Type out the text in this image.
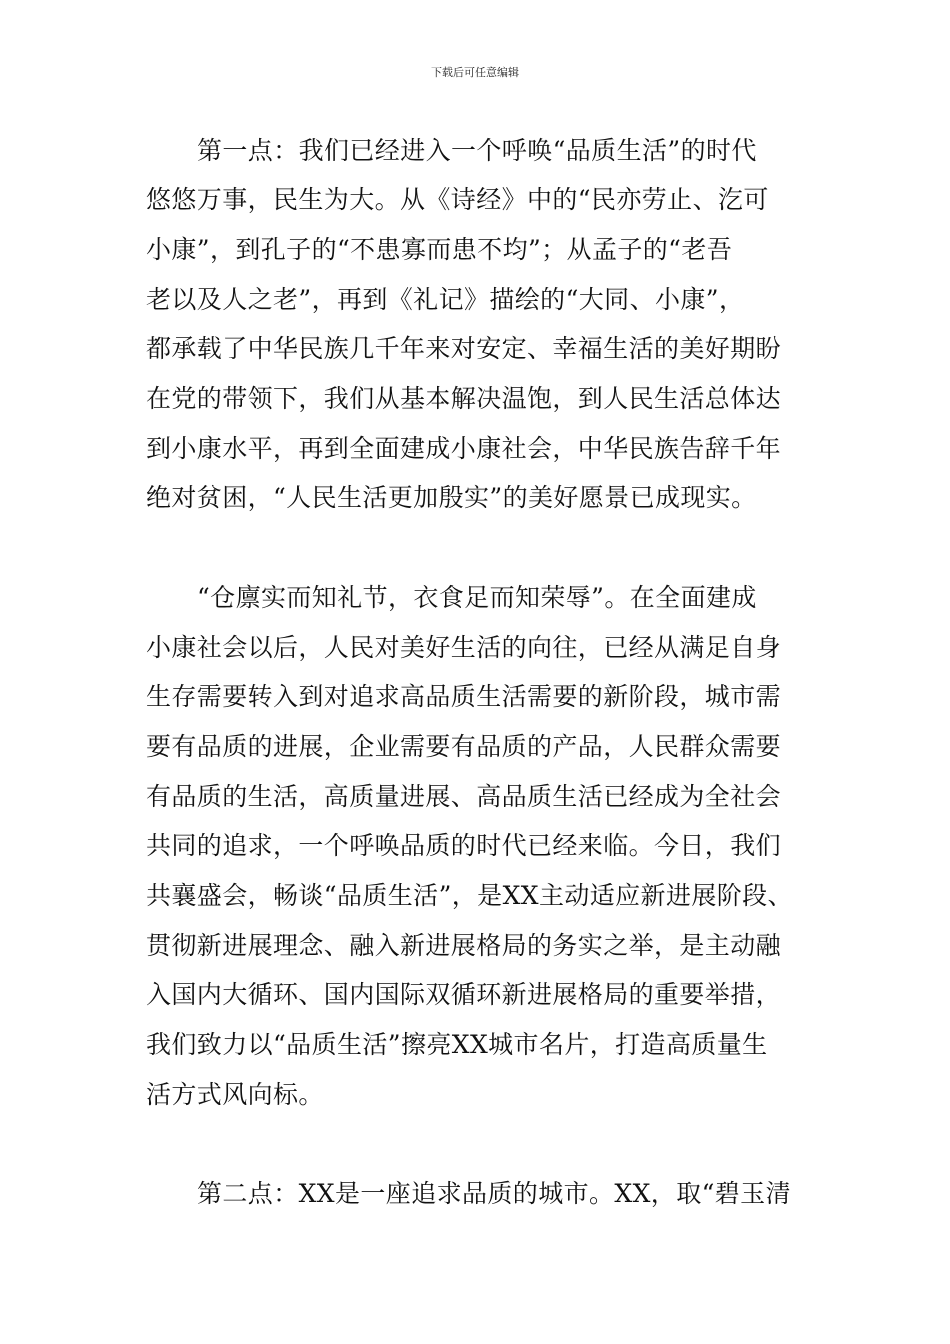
下载后可任意编辑
第一点：我们已经进入一个呼唤“品质生活”的时代
悠悠万事，民生为大。从《诗经》中的“民亦劳止、汔可
小康”，到孔子的“不患寡而患不均”；从孟子的“老吾
老以及人之老”，再到《礼记》描绘的“大同、小康”，
都承载了中华民族几千年来对安定、幸福生活的美好期盼
在党的带领下，我们从基本解决温饱，到人民生活总体达
到小康水平，再到全面建成小康社会，中华民族告辞千年
绝对贫困，“人民生活更加殷实”的美好愿景已成现实。
“仓廪实而知礼节，衣食足而知荣辱”。在全面建成
小康社会以后，人民对美好生活的向往，已经从满足自身
生存需要转入到对追求高品质生活需要的新阶段，城市需
要有品质的进展，企业需要有品质的产品，人民群众需要
有品质的生活，高质量进展、高品质生活已经成为全社会
共同的追求，一个呼唤品质的时代已经来临。今日，我们
共襄盛会，畅谈“品质生活”，是XX主动适应新进展阶段、
贯彻新进展理念、融入新进展格局的务实之举，是主动融
入国内大循环、国内国际双循环新进展格局的重要举措，
我们致力以“品质生活”擦亮XX城市名片，打造高质量生
活方式风向标。
第二点：XX是一座追求品质的城市。XX，取“碧玉清
